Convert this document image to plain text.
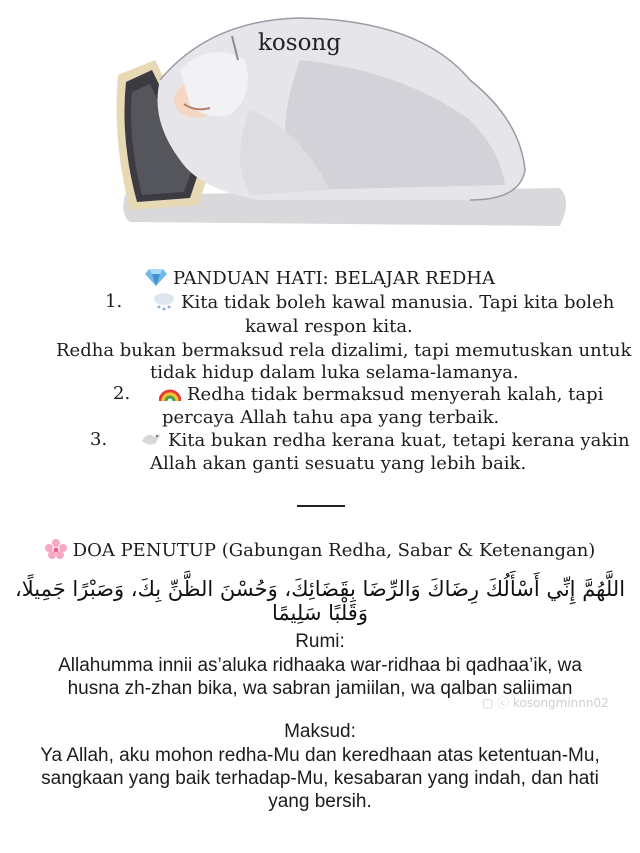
kosong
PANDUAN HATI: BELAJAR REDHA
1.	Kita tidak boleh kawal manusia. Tapi kita boleh
kawal respon kita.
Redha bukan bermaksud rela dizalimi, tapi memutuskan untuk
tidak hidup dalam luka selama-lamanya.
2.	Redha tidak bermaksud menyerah kalah, tapi
percaya Allah tahu apa yang terbaik.
3.	Kita bukan redha kerana kuat, tetapi kerana yakin
Allah akan ganti sesuatu yang lebih baik.
DOA PENUTUP (Gabungan Redha, Sabar & Ketenangan)
اللَّهُمَّ إِنِّي أَسْأَلُكَ رِضَاكَ وَالرِّضَا بِقَضَائِكَ، وَحُسْنَ الظَّنِّ بِكَ، وَصَبْرًا جَمِيلًا، وَقَلْبًا سَلِيمًا
Rumi:
Allahumma innii as’aluka ridhaaka war-ridhaa bi qadhaa’ik, wa
husna zh-zhan bika, wa sabran jamiilan, wa qalban saliiman
▢ ⓒ kosongminnn02
Maksud:
Ya Allah, aku mohon redha-Mu dan keredhaan atas ketentuan-Mu,
sangkaan yang baik terhadap-Mu, kesabaran yang indah, dan hati
yang bersih.
